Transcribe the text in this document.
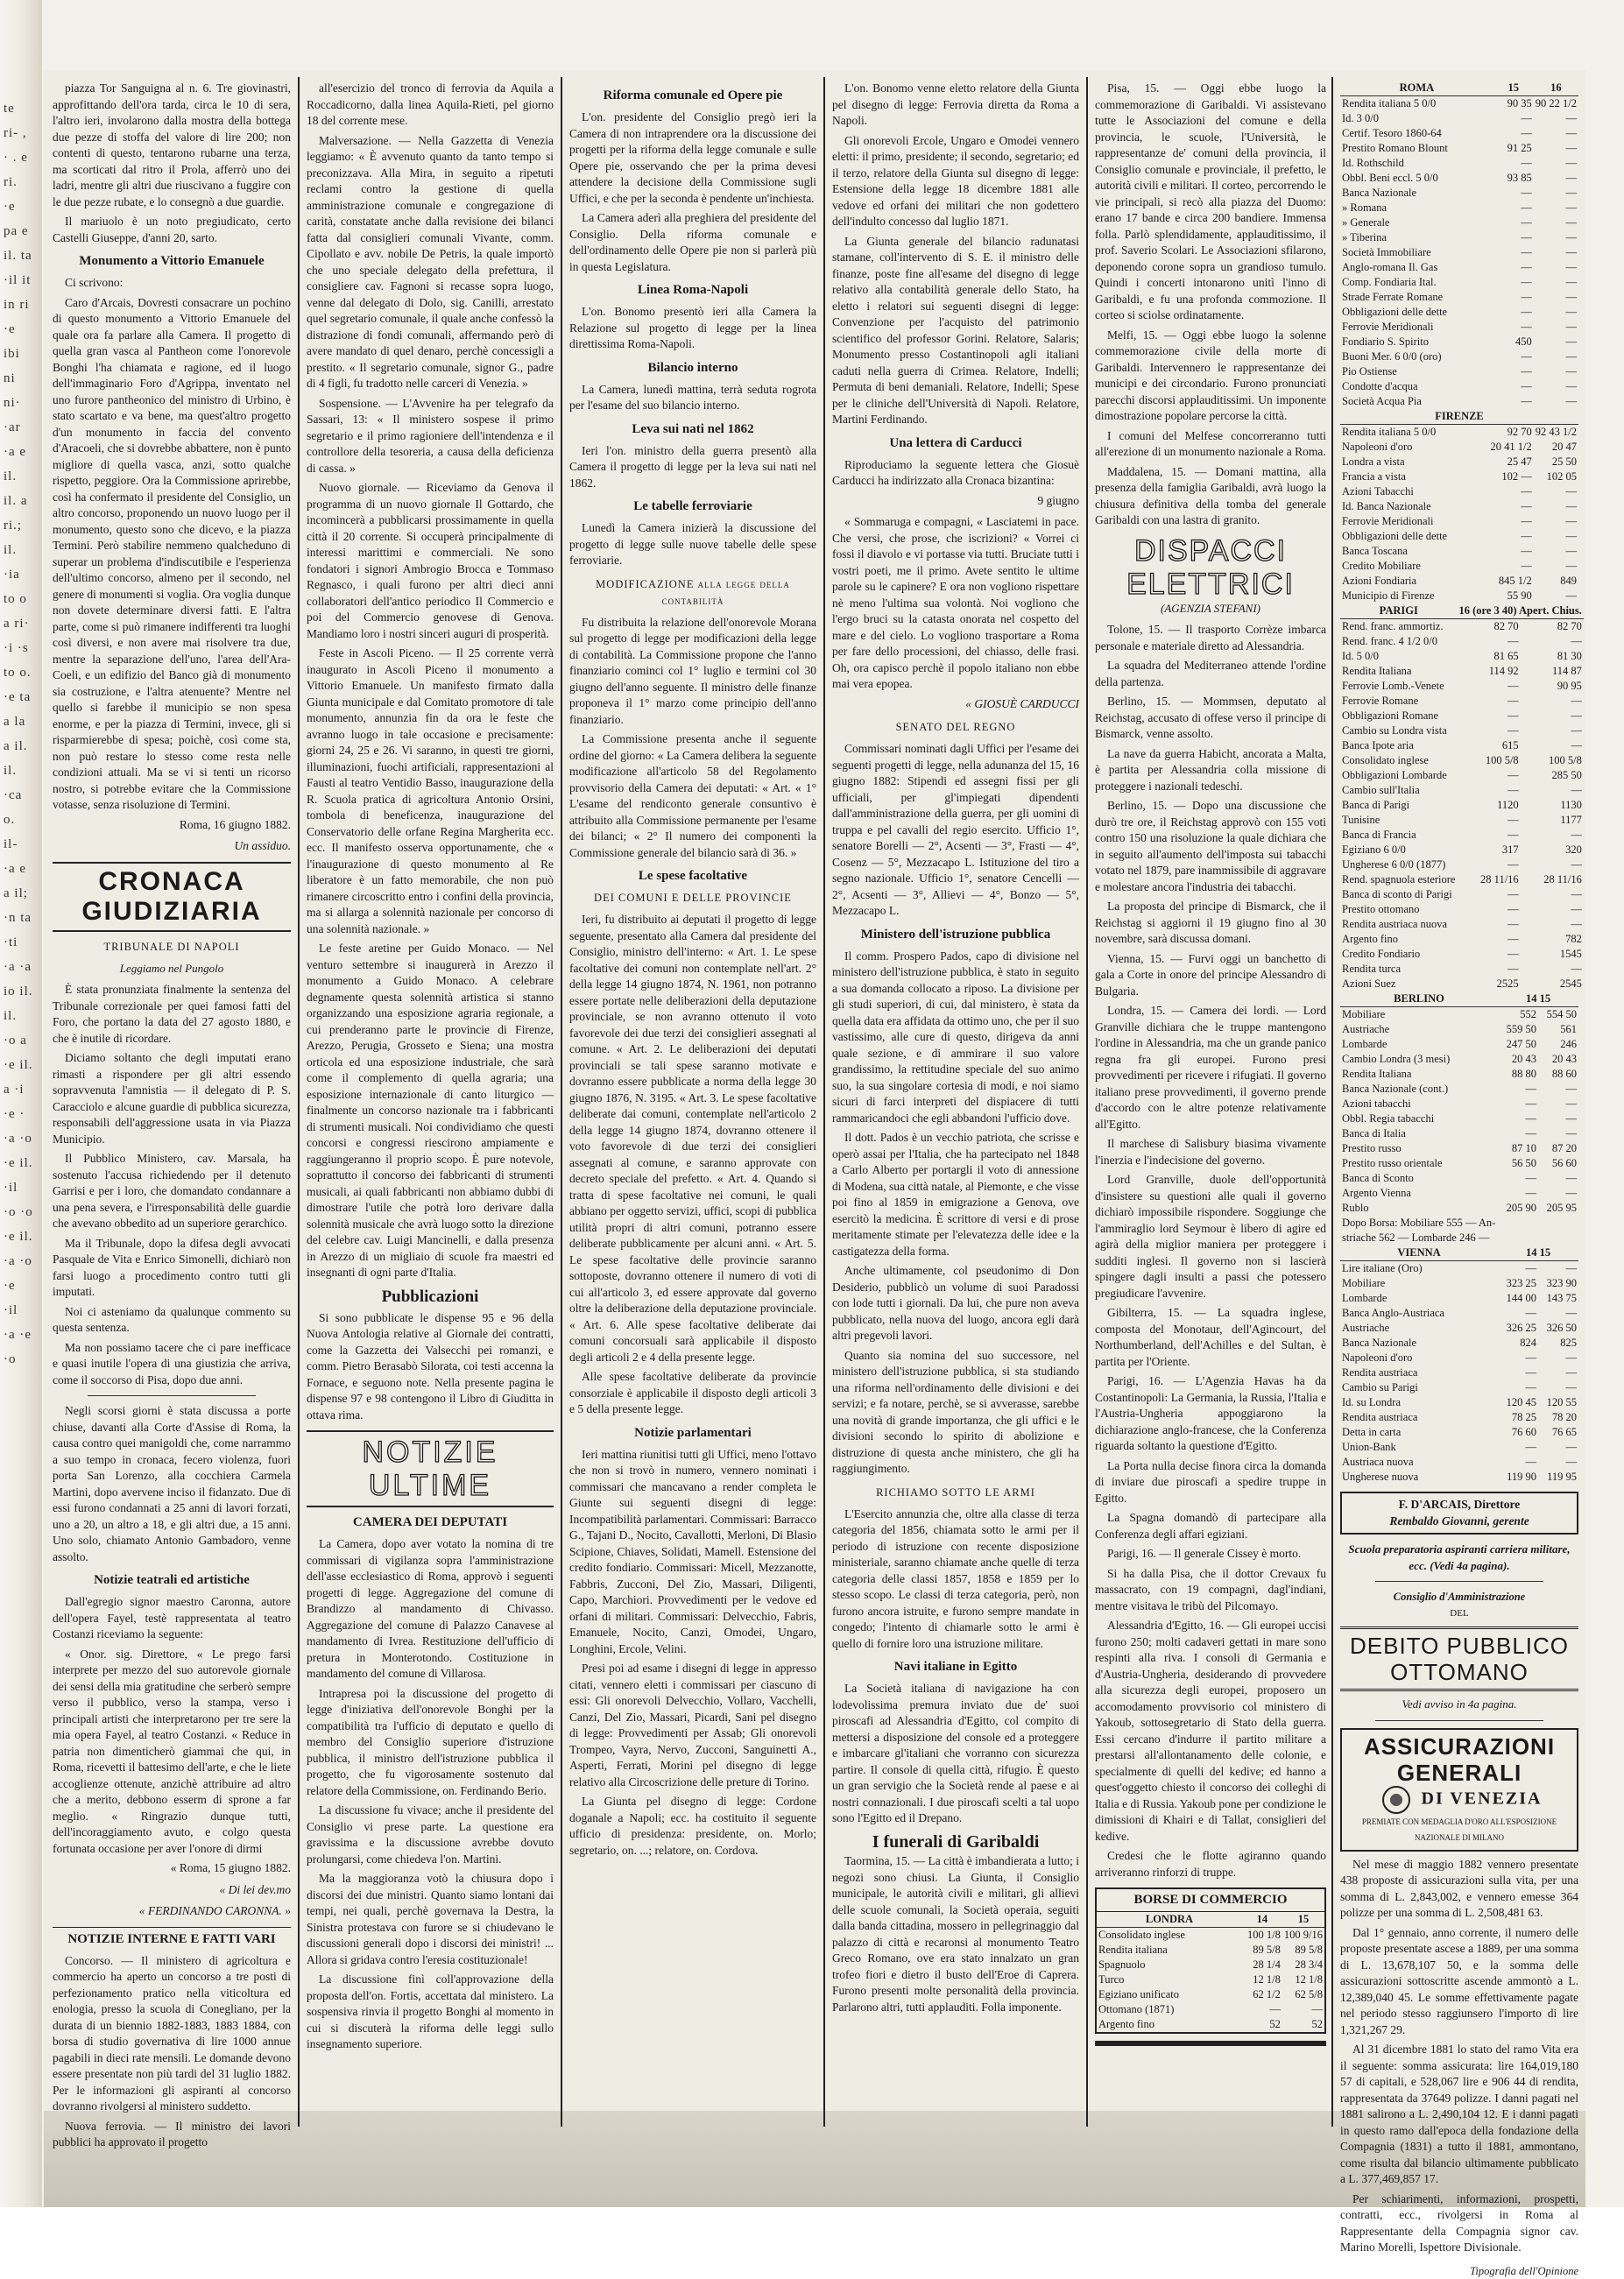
te ri- , · . e ri. ·e pa e il. ta ·il it in ri ·e ibi ni ni· ·ar ·a e il. il. a ri.; il. ·ia to o a ri· ·i ·s to o. ·e ta a la a il. il. ·ca o. il- ·a e a il; ·n ta ·ti ·a ·a io il. il. ·o a ·e il. a ·i ·e · ·a ·o ·e il. ·il ·o ·o ·e il. ·a ·o ·e ·il ·a ·e ·o

piazza Tor Sanguigna al n. 6. Tre giovinastri, approfittando dell'ora tarda, circa le 10 di sera, l'altro ieri, involarono dalla mostra della bottega due pezze di stoffa del valore di lire 200; non contenti di questo, tentarono rubarne una terza, ma scorticati dal ritro il Prola, afferrò uno dei ladri, mentre gli altri due riuscivano a fuggire con le due pezze rubate, e lo consegnò a due guardie.

Il mariuolo è un noto pregiudicato, certo Castelli Giuseppe, d'anni 20, sarto.

Monumento a Vittorio Emanuele

Ci scrivono:

Caro d'Arcais, Dovresti consacrare un pochino di questo monumento a Vittorio Emanuele del quale ora fa parlare alla Camera. Il progetto di quella gran vasca al Pantheon come l'onorevole Bonghi l'ha chiamata e ragione, ed il luogo dell'immaginario Foro d'Agrippa, inventato nel uno furore pantheonico del ministro di Urbino, è stato scartato e va bene, ma quest'altro progetto d'un monumento in faccia del convento d'Aracoeli, che si dovrebbe abbattere, non è punto migliore di quella vasca, anzi, sotto qualche rispetto, peggiore. Ora la Commissione aprirebbe, così ha confermato il presidente del Consiglio, un altro concorso, proponendo un nuovo luogo per il monumento, questo sono che dicevo, e la piazza Termini. Però stabilire nemmeno qualcheduno di superar un problema d'indiscutibile e l'esperienza dell'ultimo concorso, almeno per il secondo, nel genere di monumenti si voglia. Ora voglia dunque non dovete determinare diversi fatti. E l'altra parte, come si può rimanere indifferenti tra luoghi così diversi, e non avere mai risolvere tra due, mentre la separazione dell'uno, l'area dell'Ara-Coeli, e un edifizio del Banco già di monumento sia costruzione, e l'altra atenuente? Mentre nel quello si farebbe il municipio se non spesa enorme, e per la piazza di Termini, invece, gli si risparmierebbe di spesa; poichè, così come sta, non può restare lo stesso come resta nelle condizioni attuali. Ma se vi si tenti un ricorso nostro, si potrebbe evitare che la Commissione votasse, senza risoluzione di Termini.

Roma, 16 giugno 1882.
Un assiduo.
CRONACA GIUDIZIARIA
TRIBUNALE DI NAPOLI
Leggiamo nel Pungolo

È stata pronunziata finalmente la sentenza del Tribunale correzionale per quei famosi fatti del Foro, che portano la data del 27 agosto 1880, e che è inutile di ricordare.

Diciamo soltanto che degli imputati erano rimasti a rispondere per gli altri essendo sopravvenuta l'amnistia — il delegato di P. S. Caracciolo e alcune guardie di pubblica sicurezza, responsabili dell'aggressione usata in via Piazza Municipio.

Il Pubblico Ministero, cav. Marsala, ha sostenuto l'accusa richiedendo per il detenuto Garrisi e per i loro, che domandato condannare a una pena severa, e l'irresponsabilità delle guardie che avevano obbedito ad un superiore gerarchico.

Ma il Tribunale, dopo la difesa degli avvocati Pasquale de Vita e Enrico Simonelli, dichiarò non farsi luogo a procedimento contro tutti gli imputati.

Noi ci asteniamo da qualunque commento su questa sentenza.

Ma non possiamo tacere che ci pare inefficace e quasi inutile l'opera di una giustizia che arriva, come il soccorso di Pisa, dopo due anni.

Negli scorsi giorni è stata discussa a porte chiuse, davanti alla Corte d'Assise di Roma, la causa contro quei manigoldi che, come narrammo a suo tempo in cronaca, fecero violenza, fuori porta San Lorenzo, alla cocchiera Carmela Martini, dopo avervene inciso il fidanzato. Due di essi furono condannati a 25 anni di lavori forzati, uno a 20, un altro a 18, e gli altri due, a 15 anni. Uno solo, chiamato Antonio Gambadoro, venne assolto.

Notizie teatrali ed artistiche

Dall'egregio signor maestro Caronna, autore dell'opera Fayel, testè rappresentata al teatro Costanzi riceviamo la seguente:

« Onor. sig. Direttore, « Le prego farsi interprete per mezzo del suo autorevole giornale dei sensi della mia gratitudine che serberò sempre verso il pubblico, verso la stampa, verso i principali artisti che interpretarono per tre sere la mia opera Fayel, al teatro Costanzi. « Reduce in patria non dimenticherò giammai che qui, in Roma, ricevetti il battesimo dell'arte, e che le liete accoglienze ottenute, anzichè attribuire ad altro che a merito, debbono esserm di sprone a far meglio. « Ringrazio dunque tutti, dell'incoraggiamento avuto, e colgo questa fortunata occasione per aver l'onore di dirmi

« Roma, 15 giugno 1882.
« Di lei dev.mo
« FERDINANDO CARONNA. »
NOTIZIE INTERNE E FATTI VARI

Concorso. — Il ministero di agricoltura e commercio ha aperto un concorso a tre posti di perfezionamento pratico nella viticoltura ed enologia, presso la scuola di Conegliano, per la durata di un biennio 1882-1883, 1883 1884, con borsa di studio governativa di lire 1000 annue pagabili in dieci rate mensili. Le domande devono essere presentate non più tardi del 31 luglio 1882. Per le informazioni gli aspiranti al concorso dovranno rivolgersi al ministero suddetto.

Nuova ferrovia. — Il ministro dei lavori pubblici ha approvato il progetto

all'esercizio del tronco di ferrovia da Aquila a Roccadicorno, dalla linea Aquila-Rieti, pel giorno 18 del corrente mese.

Malversazione. — Nella Gazzetta di Venezia leggiamo: « È avvenuto quanto da tanto tempo si preconizzava. Alla Mira, in seguito a ripetuti reclami contro la gestione di quella amministrazione comunale e congregazione di carità, constatate anche dalla revisione dei bilanci fatta dal consiglieri comunali Vivante, comm. Cipollato e avv. nobile De Petris, la quale importò che uno speciale delegato della prefettura, il consigliere cav. Fagnoni si recasse sopra luogo, venne dal delegato di Dolo, sig. Canilli, arrestato quel segretario comunale, il quale anche confessò la distrazione di fondi comunali, affermando però di avere mandato di quel denaro, perchè concessigli a prestito. « Il segretario comunale, signor G., padre di 4 figli, fu tradotto nelle carceri di Venezia. »

Sospensione. — L'Avvenire ha per telegrafo da Sassari, 13: « Il ministero sospese il primo segretario e il primo ragioniere dell'intendenza e il controllore della tesoreria, a causa della deficienza di cassa. »

Nuovo giornale. — Riceviamo da Genova il programma di un nuovo giornale Il Gottardo, che incomincerà a pubblicarsi prossimamente in quella città il 20 corrente. Si occuperà principalmente di interessi marittimi e commerciali. Ne sono fondatori i signori Ambrogio Brocca e Tommaso Regnasco, i quali furono per altri dieci anni collaboratori dell'antico periodico Il Commercio e poi del Commercio genovese di Genova. Mandiamo loro i nostri sinceri auguri di prosperità.

Feste in Ascoli Piceno. — Il 25 corrente verrà inaugurato in Ascoli Piceno il monumento a Vittorio Emanuele. Un manifesto firmato dalla Giunta municipale e dal Comitato promotore di tale monumento, annunzia fin da ora le feste che avranno luogo in tale occasione e precisamente: giorni 24, 25 e 26. Vi saranno, in questi tre giorni, illuminazioni, fuochi artificiali, rappresentazioni al Fausti al teatro Ventidio Basso, inaugurazione della R. Scuola pratica di agricoltura Antonio Orsini, tombola di beneficenza, inaugurazione del Conservatorio delle orfane Regina Margherita ecc. ecc. Il manifesto osserva opportunamente, che « l'inaugurazione di questo monumento al Re liberatore è un fatto memorabile, che non può rimanere circoscritto entro i confini della provincia, ma si allarga a solennità nazionale per concorso di una solennità nazionale. »

Le feste aretine per Guido Monaco. — Nel venturo settembre si inaugurerà in Arezzo il monumento a Guido Monaco. A celebrare degnamente questa solennità artistica si stanno organizzando una esposizione agraria regionale, a cui prenderanno parte le provincie di Firenze, Arezzo, Perugia, Grosseto e Siena; una mostra orticola ed una esposizione industriale, che sarà come il complemento di quella agraria; una esposizione internazionale di canto liturgico — finalmente un concorso nazionale tra i fabbricanti di strumenti musicali. Noi condividiamo che questi concorsi e congressi riescirono ampiamente e raggiungeranno il proprio scopo. È pure notevole, soprattutto il concorso dei fabbricanti di strumenti musicali, ai quali fabbricanti non abbiamo dubbi di dimostrare l'utile che potrà loro derivare dalla solennità musicale che avrà luogo sotto la direzione del celebre cav. Luigi Mancinelli, e dalla presenza in Arezzo di un migliaio di scuole fra maestri ed insegnanti di ogni parte d'Italia.

Pubblicazioni

Si sono pubblicate le dispense 95 e 96 della Nuova Antologia relative al Giornale dei contratti, come la Gazzetta dei Valsecchi pei romanzi, e comm. Pietro Berasabò Silorata, coi testi accenna la Fornace, e seguono note. Nella presente pagina le dispense 97 e 98 contengono il Libro di Giuditta in ottava rima.

NOTIZIE ULTIME
CAMERA DEI DEPUTATI

La Camera, dopo aver votato la nomina di tre commissari di vigilanza sopra l'amministrazione dell'asse ecclesiastico di Roma, approvò i seguenti progetti di legge. Aggregazione del comune di Brandizzo al mandamento di Chivasso. Aggregazione del comune di Palazzo Canavese al mandamento di Ivrea. Restituzione dell'ufficio di pretura in Monterotondo. Costituzione in mandamento del comune di Villarosa.

Intrapresa poi la discussione del progetto di legge d'iniziativa dell'onorevole Bonghi per la compatibilità tra l'ufficio di deputato e quello di membro del Consiglio superiore d'istruzione pubblica, il ministro dell'istruzione pubblica il progetto, che fu vigorosamente sostenuto dal relatore della Commissione, on. Ferdinando Berio.

La discussione fu vivace; anche il presidente del Consiglio vi prese parte. La questione era gravissima e la discussione avrebbe dovuto prolungarsi, come chiedeva l'on. Martini.

Ma la maggioranza votò la chiusura dopo i discorsi dei due ministri. Quanto siamo lontani dai tempi, nei quali, perchè governava la Destra, la Sinistra protestava con furore se si chiudevano le discussioni generali dopo i discorsi dei ministri! ... Allora si gridava contro l'eresia costituzionale!

La discussione finì coll'approvazione della proposta dell'on. Fortis, accettata dal ministero. La sospensiva rinvia il progetto Bonghi al momento in cui si discuterà la riforma delle leggi sullo insegnamento superiore.

Riforma comunale ed Opere pie

L'on. presidente del Consiglio pregò ieri la Camera di non intraprendere ora la discussione dei progetti per la riforma della legge comunale e sulle Opere pie, osservando che per la prima devesi attendere la decisione della Commissione sugli Uffici, e che per la seconda è pendente un'inchiesta.

La Camera aderì alla preghiera del presidente del Consiglio. Della riforma comunale e dell'ordinamento delle Opere pie non si parlerà più in questa Legislatura.

Linea Roma-Napoli

L'on. Bonomo presentò ieri alla Camera la Relazione sul progetto di legge per la linea direttissima Roma-Napoli.

Bilancio interno

La Camera, lunedì mattina, terrà seduta rogrota per l'esame del suo bilancio interno.

Leva sui nati nel 1862

Ieri l'on. ministro della guerra presentò alla Camera il progetto di legge per la leva sui nati nel 1862.

Le tabelle ferroviarie

Lunedì la Camera inizierà la discussione del progetto di legge sulle nuove tabelle delle spese ferroviarie.

MODIFICAZIONE alla legge della contabilità

Fu distribuita la relazione dell'onorevole Morana sul progetto di legge per modificazioni della legge di contabilità. La Commissione propone che l'anno finanziario cominci col 1° luglio e termini col 30 giugno dell'anno seguente. Il ministro delle finanze proponeva il 1° marzo come principio dell'anno finanziario.

La Commissione presenta anche il seguente ordine del giorno: « La Camera delibera la seguente modificazione all'articolo 58 del Regolamento provvisorio della Camera dei deputati: « Art. « 1° L'esame del rendiconto generale consuntivo è attribuito alla Commissione permanente per l'esame dei bilanci; « 2° Il numero dei componenti la Commissione generale del bilancio sarà di 36. »

Le spese facoltative
DEI COMUNI E DELLE PROVINCIE

Ieri, fu distribuito ai deputati il progetto di legge seguente, presentato alla Camera dal presidente del Consiglio, ministro dell'interno: « Art. 1. Le spese facoltative dei comuni non contemplate nell'art. 2° della legge 14 giugno 1874, N. 1961, non potranno essere portate nelle deliberazioni della deputazione provinciale, se non avranno ottenuto il voto favorevole dei due terzi dei consiglieri assegnati al comune. « Art. 2. Le deliberazioni dei deputati provinciali se tali spese saranno motivate e dovranno essere pubblicate a norma della legge 30 giugno 1876, N. 3195. « Art. 3. Le spese facoltative deliberate dai comuni, contemplate nell'articolo 2 della legge 14 giugno 1874, dovranno ottenere il voto favorevole di due terzi dei consiglieri assegnati al comune, e saranno approvate con decreto speciale del prefetto. « Art. 4. Quando si tratta di spese facoltative nei comuni, le quali abbiano per oggetto servizi, uffici, scopi di pubblica utilità propri di altri comuni, potranno essere deliberate pubblicamente per alcuni anni. « Art. 5. Le spese facoltative delle provincie saranno sottoposte, dovranno ottenere il numero di voti di cui all'articolo 3, ed essere approvate dal governo oltre la deliberazione della deputazione provinciale. « Art. 6. Alle spese facoltative deliberate dai comuni concorsuali sarà applicabile il disposto degli articoli 2 e 4 della presente legge.

Alle spese facoltative deliberate da provincie consorziale è applicabile il disposto degli articoli 3 e 5 della presente legge.

Notizie parlamentari

Ieri mattina riunitisi tutti gli Uffici, meno l'ottavo che non si trovò in numero, vennero nominati i commissari che mancavano a render completa le Giunte sui seguenti disegni di legge: Incompatibilità parlamentari. Commissari: Barracco G., Tajani D., Nocito, Cavallotti, Merloni, Di Blasio Scipione, Chiaves, Solidati, Mamell. Estensione del credito fondiario. Commissari: Micell, Mezzanotte, Fabbris, Zucconi, Del Zio, Massari, Diligenti, Capo, Marchiori. Provvedimenti per le vedove ed orfani di militari. Commissari: Delvecchio, Fabris, Emanuele, Nocito, Canzi, Omodei, Ungaro, Longhini, Ercole, Velini.

Presi poi ad esame i disegni di legge in appresso citati, vennero eletti i commissari per ciascuno di essi: Gli onorevoli Delvecchio, Vollaro, Vacchelli, Canzi, Del Zio, Massari, Picardi, Sani pel disegno di legge: Provvedimenti per Assab; Gli onorevoli Trompeo, Vayra, Nervo, Zucconi, Sanguinetti A., Asperti, Ferrati, Morini pel disegno di legge relativo alla Circoscrizione delle preture di Torino.

La Giunta pel disegno di legge: Cordone doganale a Napoli; ecc. ha costituito il seguente ufficio di presidenza: presidente, on. Morlo; segretario, on. ...; relatore, on. Cordova.

L'on. Bonomo venne eletto relatore della Giunta pel disegno di legge: Ferrovia diretta da Roma a Napoli.

Gli onorevoli Ercole, Ungaro e Omodei vennero eletti: il primo, presidente; il secondo, segretario; ed il terzo, relatore della Giunta sul disegno di legge: Estensione della legge 18 dicembre 1881 alle vedove ed orfani dei militari che non godettero dell'indulto concesso dal luglio 1871.

La Giunta generale del bilancio radunatasi stamane, coll'intervento di S. E. il ministro delle finanze, poste fine all'esame del disegno di legge relativo alla contabilità generale dello Stato, ha eletto i relatori sui seguenti disegni di legge: Convenzione per l'acquisto del patrimonio scientifico del professor Gorini. Relatore, Salaris; Monumento presso Costantinopoli agli italiani caduti nella guerra di Crimea. Relatore, Indelli; Permuta di beni demaniali. Relatore, Indelli; Spese per le cliniche dell'Università di Napoli. Relatore, Martini Ferdinando.

Una lettera di Carducci

Riproduciamo la seguente lettera che Giosuè Carducci ha indirizzato alla Cronaca bizantina:

9 giugno

« Sommaruga e compagni, « Lasciatemi in pace. Che versi, che prose, che iscrizioni? « Vorrei ci fossi il diavolo e vi portasse via tutti. Bruciate tutti i vostri poeti, me il primo. Avete sentito le ultime parole su le capinere? E ora non vogliono rispettare nè meno l'ultima sua volontà. Noi vogliono che l'ergo bruci su la catasta onorata nel cospetto del mare e del cielo. Lo vogliono trasportare a Roma per fare dello processioni, del chiasso, delle frasi. Oh, ora capisco perchè il popolo italiano non ebbe mai vera epopea.

« GIOSUÈ CARDUCCI
SENATO DEL REGNO

Commissari nominati dagli Uffici per l'esame dei seguenti progetti di legge, nella adunanza del 15, 16 giugno 1882: Stipendi ed assegni fissi per gli ufficiali, per gl'impiegati dipendenti dall'amministrazione della guerra, per gli uomini di truppa e pel cavalli del regio esercito. Ufficio 1°, senatore Borelli — 2°, Acsenti — 3°, Frasti — 4°, Cosenz — 5°, Mezzacapo L. Istituzione del tiro a segno nazionale. Ufficio 1°, senatore Cencelli — 2°, Acsenti — 3°, Allievi — 4°, Bonzo — 5°, Mezzacapo L.

Ministero dell'istruzione pubblica

Il comm. Prospero Pados, capo di divisione nel ministero dell'istruzione pubblica, è stato in seguito a sua domanda collocato a riposo. La divisione per gli studi superiori, di cui, dal ministero, è stata da quella data era affidata da ottimo uno, che per il suo vastissimo, alle cure di questo, dirigeva da anni quale sezione, e di ammirare il suo valore grandissimo, la rettitudine speciale del suo animo suo, la sua singolare cortesia di modi, e noi siamo sicuri di farci interpreti del dispiacere di tutti rammaricandoci che egli abbandoni l'ufficio dove.

Il dott. Pados è un vecchio patriota, che scrisse e operò assai per l'Italia, che ha partecipato nel 1848 a Carlo Alberto per portargli il voto di annessione di Modena, sua città natale, al Piemonte, e che visse poi fino al 1859 in emigrazione a Genova, ove esercitò la medicina. È scrittore di versi e di prose meritamente stimate per l'elevatezza delle idee e la castigatezza della forma.

Anche ultimamente, col pseudonimo di Don Desiderio, pubblicò un volume di suoi Paradossi con lode tutti i giornali. Da lui, che pure non aveva pubblicato, nella nuova del luogo, ancora egli darà altri pregevoli lavori.

Quanto sia nomina del suo successore, nel ministero dell'istruzione pubblica, si sta studiando una riforma nell'ordinamento delle divisioni e dei servizi; e fa notare, perchè, se si avverasse, sarebbe una novità di grande importanza, che gli uffici e le divisioni secondo lo spirito di abolizione e distruzione di questa anche ministero, che gli ha raggiungimento.

RICHIAMO SOTTO LE ARMI

L'Esercito annunzia che, oltre alla classe di terza categoria del 1856, chiamata sotto le armi per il periodo di istruzione con recente disposizione ministeriale, saranno chiamate anche quelle di terza categoria delle classi 1857, 1858 e 1859 per lo stesso scopo. Le classi di terza categoria, però, non furono ancora istruite, e furono sempre mandate in congedo; l'intento di chiamarle sotto le armi è quello di fornire loro una istruzione militare.

Navi italiane in Egitto

La Società italiana di navigazione ha con lodevolissima premura inviato due de' suoi piroscafi ad Alessandria d'Egitto, col compito di mettersi a disposizione del console ed a proteggere e imbarcare gl'italiani che vorranno con sicurezza partire. Il console di quella città, rifugio. È questo un gran servigio che la Società rende al paese e ai nostri connazionali. I due piroscafi scelti a tal uopo sono l'Egitto ed il Drepano.

I funerali di Garibaldi

Taormina, 15. — La città è imbandierata a lutto; i negozi sono chiusi. La Giunta, il Consiglio municipale, le autorità civili e militari, gli allievi delle scuole comunali, la Società operaia, seguiti dalla banda cittadina, mossero in pellegrinaggio dal palazzo di città e recaronsi al monumento Teatro Greco Romano, ove era stato innalzato un gran trofeo fiori e dietro il busto dell'Eroe di Caprera. Furono presenti molte personalità della provincia. Parlarono altri, tutti applauditi. Folla imponente.

Pisa, 15. — Oggi ebbe luogo la commemorazione di Garibaldi. Vi assistevano tutte le Associazioni del comune e della provincia, le scuole, l'Università, le rappresentanze de' comuni della provincia, il Consiglio comunale e provinciale, il prefetto, le autorità civili e militari. Il corteo, percorrendo le vie principali, si recò alla piazza del Duomo: erano 17 bande e circa 200 bandiere. Immensa folla. Parlò splendidamente, applauditissimo, il prof. Saverio Scolari. Le Associazioni sfilarono, deponendo corone sopra un grandioso tumulo. Quindi i concerti intonarono unitì l'inno di Garibaldi, e fu una profonda commozione. Il corteo si sciolse ordinatamente.

Melfi, 15. — Oggi ebbe luogo la solenne commemorazione civile della morte di Garibaldi. Intervennero le rappresentanze dei municipi e dei circondario. Furono pronunciati parecchi discorsi applauditissimi. Un imponente dimostrazione popolare percorse la città.

I comuni del Melfese concorreranno tutti all'erezione di un monumento nazionale a Roma.

Maddalena, 15. — Domani mattina, alla presenza della famiglia Garibaldi, avrà luogo la chiusura definitiva della tomba del generale Garibaldi con una lastra di granito.

DISPACCI ELETTRICI
(AGENZIA STEFANI)

Tolone, 15. — Il trasporto Corrèze imbarca personale e materiale diretto ad Alessandria.

La squadra del Mediterraneo attende l'ordine della partenza.

Berlino, 15. — Mommsen, deputato al Reichstag, accusato di offese verso il principe di Bismarck, venne assolto.

La nave da guerra Habicht, ancorata a Malta, è partita per Alessandria colla missione di proteggere i nazionali tedeschi.

Berlino, 15. — Dopo una discussione che durò tre ore, il Reichstag approvò con 155 voti contro 150 una risoluzione la quale dichiara che in seguito all'aumento dell'imposta sui tabacchi votato nel 1879, pare inammissibile di aggravare e molestare ancora l'industria dei tabacchi.

La proposta del principe di Bismarck, che il Reichstag si aggiorni il 19 giugno fino al 30 novembre, sarà discussa domani.

Vienna, 15. — Furvi oggi un banchetto di gala a Corte in onore del principe Alessandro di Bulgaria.

Londra, 15. — Camera dei lordi. — Lord Granville dichiara che le truppe mantengono l'ordine in Alessandria, ma che un grande panico regna fra gli europei. Furono presi provvedimenti per ricevere i rifugiati. Il governo italiano prese provvedimenti, il governo prende d'accordo con le altre potenze relativamente all'Egitto.

Il marchese di Salisbury biasima vivamente l'inerzia e l'indecisione del governo.

Lord Granville, duole dell'opportunità d'insistere su questioni alle quali il governo dichiarò impossibile rispondere. Soggiunge che l'ammiraglio lord Seymour è libero di agire ed agirà della miglior maniera per proteggere i sudditi inglesi. Il governo non si lascierà spingere dagli insulti a passi che potessero pregiudicare l'avvenire.

Gibilterra, 15. — La squadra inglese, composta del Monotaur, dell'Agincourt, del Northumberland, dell'Achilles e del Sultan, è partita per l'Oriente.

Parigi, 16. — L'Agenzia Havas ha da Costantinopoli: La Germania, la Russia, l'Italia e l'Austria-Ungheria appoggiarono la dichiarazione anglo-francese, che la Conferenza riguarda soltanto la questione d'Egitto.

La Porta nulla decise finora circa la domanda di inviare due piroscafi a spedire truppe in Egitto.

La Spagna domandò di partecipare alla Conferenza degli affari egiziani.

Parigi, 16. — Il generale Cissey è morto.

Si ha dalla Pisa, che il dottor Crevaux fu massacrato, con 19 compagni, dagl'indiani, mentre visitava le tribù del Pilcomayo.

Alessandria d'Egitto, 16. — Gli europei uccisi furono 250; molti cadaveri gettati in mare sono respinti alla riva. I consoli di Germania e d'Austria-Ungheria, desiderando di provvedere alla sicurezza degli europei, proposero un accomodamento provvisorio col ministero di Yakoub, sottosegretario di Stato della guerra. Essi cercano d'indurre il partito militare a prestarsi all'allontanamento delle colonie, e specialmente di quelli del kedive; ed hanno a quest'oggetto chiesto il concorso dei colleghi di Italia e di Russia. Yakoub pone per condizione le dimissioni di Khairi e di Tallat, consiglieri del kedive.

Credesi che le flotte agiranno quando arriveranno rinforzi di truppe.

BORSE DI COMMERCIO
LONDRA	14	15
Consolidato inglese	100 1/8	100 9/16
Rendita italiana	89 5/8	89 5/8
Spagnuolo	28 1/4	28 3/4
Turco	12 1/8	12 1/8
Egiziano unificato	62 1/2	62 5/8
Ottomano (1871)	—	—
Argento fino	52	52
ROMA	15	16
Rendita italiana 5 0/0	90 35	90 22 1/2
Id. 3 0/0	—	—
Certif. Tesoro 1860-64	—	—
Prestito Romano Blount	91 25	—
Id. Rothschild	—	—
Obbl. Beni eccl. 5 0/0	93 85	—
Banca Nazionale	—	—
» Romana	—	—
» Generale	—	—
» Tiberina	—	—
Società Immobiliare	—	—
Anglo-romana Il. Gas	—	—
Comp. Fondiaria Ital.	—	—
Strade Ferrate Romane	—	—
Obbligazioni delle dette	—	—
Ferrovie Meridionali	—	—
Fondiario S. Spirito	450	—
Buoni Mer. 6 0/0 (oro)	—	—
Pio Ostiense	—	—
Condotte d'acqua	—	—
Società Acqua Pia	—	—
FIRENZE		
Rendita italiana 5 0/0	92 70	92 43 1/2
Napoleoni d'oro	20 41 1/2	20 47
Londra a vista	25 47	25 50
Francia a vista	102 —	102 05
Azioni Tabacchi	—	—
Id. Banca Nazionale	—	—
Ferrovie Meridionali	—	—
Obbligazioni delle dette	—	—
Banca Toscana	—	—
Credito Mobiliare	—	—
Azioni Fondiaria	845 1/2	849
Municipio di Firenze	55 90	—
PARIGI	16 (ore 3 40) Apert. Chius.	
Rend. franc. ammortiz.	82 70	82 70
Rend. franc. 4 1/2 0/0	—	—
Id. 5 0/0	81 65	81 30
Rendita Italiana	114 92	114 87
Ferrovie Lomb.-Venete	—	90 95
Ferrovie Romane	—	—
Obbligazioni Romane	—	—
Cambio su Londra vista	—	—
Banca Ipote aria	615	—
Consolidato inglese	100 5/8	100 5/8
Obbligazioni Lombarde	—	285 50
Cambio sull'Italia	—	—
Banca di Parigi	1120	1130
Tunisine	—	1177
Banca di Francia	—	—
Egiziano 6 0/0	317	320
Ungherese 6 0/0 (1877)	—	—
Rend. spagnuola esteriore	28 11/16	28 11/16
Banca di sconto di Parigi	—	—
Prestito ottomano	—	—
Rendita austriaca nuova	—	—
Argento fino	—	782
Credito Fondiario	—	1545
Rendita turca	—	—
Azioni Suez	2525	2545
BERLINO	14 15	
Mobiliare	552	554 50
Austriache	559 50	561
Lombarde	247 50	246
Cambio Londra (3 mesi)	20 43	20 43
Rendita Italiana	88 80	88 60
Banca Nazionale (cont.)	—	—
Azioni tabacchi	—	—
Obbl. Regia tabacchi	—	—
Banca di Italia	—	—
Prestito russo	87 10	87 20
Prestito russo orientale	56 50	56 60
Banca di Sconto	—	—
Argento Vienna	—	—
Rublo	205 90	205 95
Dopo Borsa: Mobiliare 555 — An-		
striache 562 — Lombarde 246 —		
VIENNA	14 15	
Lire italiane (Oro)	—	—
Mobiliare	323 25	323 90
Lombarde	144 00	143 75
Banca Anglo-Austriaca	—	—
Austriache	326 25	326 50
Banca Nazionale	824	825
Napoleoni d'oro	—	—
Rendita austriaca	—	—
Cambio su Parigi	—	—
Id. su Londra	120 45	120 55
Rendita austriaca	78 25	78 20
Detta in carta	76 60	76 65
Union-Bank	—	—
Austriaca nuova	—	—
Ungherese nuova	119 90	119 95
F. D'ARCAIS, Direttore
Rembaldo Giovanni, gerente
Scuola preparatoria aspiranti carriera militare, ecc. (Vedi 4a pagina).
Consiglio d'Amministrazione
DEL
DEBITO PUBBLICO OTTOMANO
Vedi avviso in 4a pagina.
ASSICURAZIONI GENERALI
DI VENEZIA
PREMIATE CON MEDAGLIA D'ORO ALL'ESPOSIZIONE NAZIONALE DI MILANO

Nel mese di maggio 1882 vennero presentate 438 proposte di assicurazioni sulla vita, per una somma di L. 2,843,002, e vennero emesse 364 polizze per una somma di L. 2,508,481 63.

Dal 1° gennaio, anno corrente, il numero delle proposte presentate ascese a 1889, per una somma di L. 13,678,107 50, e la somma delle assicurazioni sottoscritte ascende ammontò a L. 12,389,040 45. Le somme effettivamente pagate nel periodo stesso raggiunsero l'importo di lire 1,321,267 29.

Al 31 dicembre 1881 lo stato del ramo Vita era il seguente: somma assicurata: lire 164,019,180 57 di capitali, e 528,067 lire e 906 44 di rendita, rappresentata da 37649 polizze. I danni pagati nel 1881 salirono a L. 2,490,104 12. E i danni pagati in questo ramo dall'epoca della fondazione della Compagnia (1831) a tutto il 1881, ammontano, come risulta dal bilancio ultimamente pubblicato a L. 377,469,857 17.

Per schiarimenti, informazioni, prospetti, contratti, ecc., rivolgersi in Roma al Rappresentante della Compagnia signor cav. Marino Morelli, Ispettore Divisionale.

Tipografia dell'Opinione
